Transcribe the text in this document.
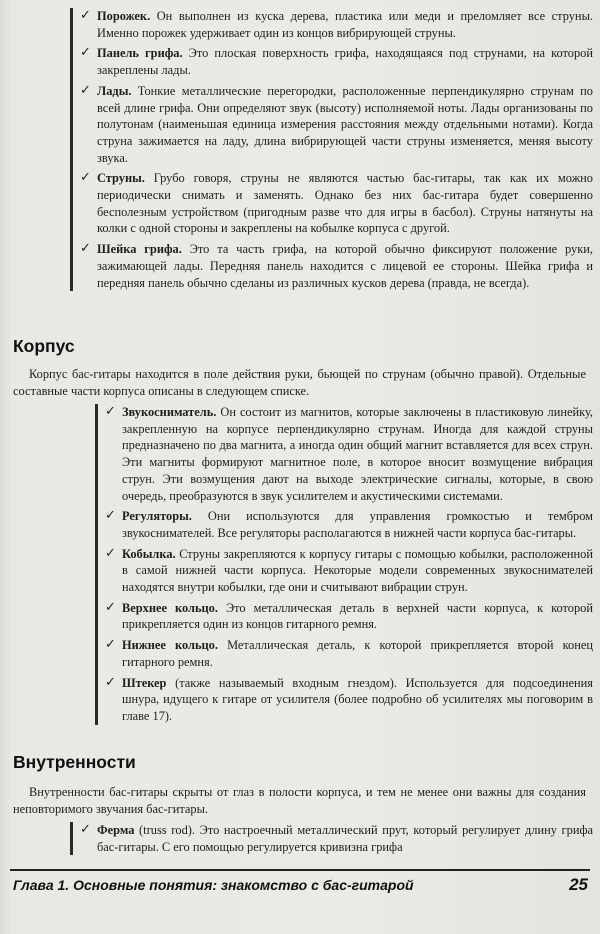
✓ Порожек. Он выполнен из куска дерева, пластика или меди и преломляет все струны. Именно порожек удерживает один из концов вибрирующей струны.
✓ Панель грифа. Это плоская поверхность грифа, находящаяся под струнами, на которой закреплены лады.
✓ Лады. Тонкие металлические перегородки, расположенные перпендикулярно струнам по всей длине грифа. Они определяют звук (высоту) исполняемой ноты. Лады организованы по полутонам (наименьшая единица измерения расстояния между отдельными нотами). Когда струна зажимается на ладу, длина вибрирующей части струны изменяется, меняя высоту звука.
✓ Струны. Грубо говоря, струны не являются частью бас-гитары, так как их можно периодически снимать и заменять. Однако без них бас-гитара будет совершенно бесполезным устройством (пригодным разве что для игры в басбол). Струны натянуты на колки с одной стороны и закреплены на кобылке корпуса с другой.
✓ Шейка грифа. Это та часть грифа, на которой обычно фиксируют положение руки, зажимающей лады. Передняя панель находится с лицевой ее стороны. Шейка грифа и передняя панель обычно сделаны из различных кусков дерева (правда, не всегда).
Корпус
Корпус бас-гитары находится в поле действия руки, бьющей по струнам (обычно правой). Отдельные составные части корпуса описаны в следующем списке.
✓ Звукосниматель. Он состоит из магнитов, которые заключены в пластиковую линейку, закрепленную на корпусе перпендикулярно струнам. Иногда для каждой струны предназначено по два магнита, а иногда один общий магнит вставляется для всех струн. Эти магниты формируют магнитное поле, в которое вносит возмущение вибрация струн. Эти возмущения дают на выходе электрические сигналы, которые, в свою очередь, преобразуются в звук усилителем и акустическими системами.
✓ Регуляторы. Они используются для управления громкостью и тембром звукоснимателей. Все регуляторы располагаются в нижней части корпуса бас-гитары.
✓ Кобылка. Струны закрепляются к корпусу гитары с помощью кобылки, расположенной в самой нижней части корпуса. Некоторые модели современных звукоснимателей находятся внутри кобылки, где они и считывают вибрации струн.
✓ Верхнее кольцо. Это металлическая деталь в верхней части корпуса, к которой прикрепляется один из концов гитарного ремня.
✓ Нижнее кольцо. Металлическая деталь, к которой прикрепляется второй конец гитарного ремня.
✓ Штекер (также называемый входным гнездом). Используется для подсоединения шнура, идущего к гитаре от усилителя (более подробно об усилителях мы поговорим в главе 17).
Внутренности
Внутренности бас-гитары скрыты от глаз в полости корпуса, и тем не менее они важны для создания неповторимого звучания бас-гитары.
✓ Ферма (truss rod). Это настроечный металлический прут, который регулирует длину грифа бас-гитары. С его помощью регулируется кривизна грифа
Глава 1. Основные понятия: знакомство с бас-гитарой	25
